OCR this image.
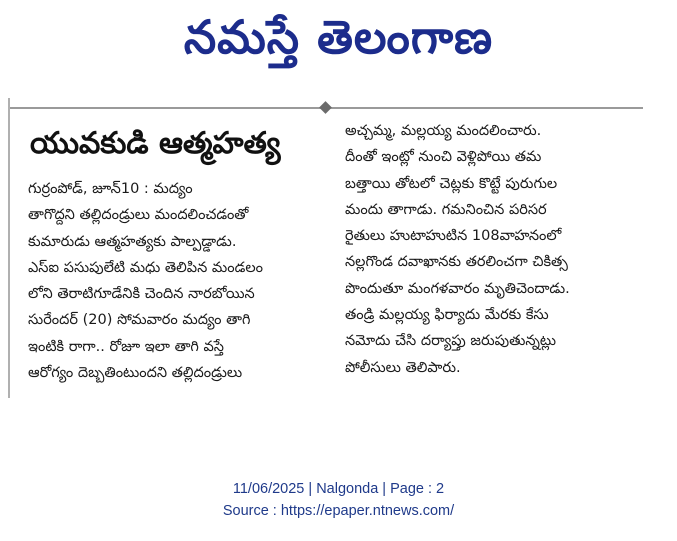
నమస్తే తెలంగాణ
యువకుడి ఆత్మహత్య
గుర్రంపోడ్, జూన్10 : మద్యం
తాగొద్దని తల్లిదండ్రులు మందలించడంతో
కుమారుడు ఆత్మహత్యకు పాల్పడ్డాడు.
ఎస్ఐ పసుపులేటి మధు తెలిపిన మండలం
లోని తెరాటిగూడేనికి చెందిన నారబోయిన
సురేందర్ (20) సోమవారం మద్యం తాగి
ఇంటికి రాగా.. రోజూ ఇలా తాగి వస్తే
ఆరోగ్యం దెబ్బతింటుందని తల్లిదండ్రులు
అచ్చమ్మ, మల్లయ్య మందలించారు.
దీంతో ఇంట్లో నుంచి వెళ్లిపోయి తమ
బత్తాయి తోటలో చెట్లకు కొట్టే పురుగుల
మందు తాగాడు. గమనించిన పరిసర
రైతులు హుటాహుటిన 108వాహనంలో
నల్లగొండ దవాఖానకు తరలించగా చికిత్స
పొందుతూ మంగళవారం మృతిచెందాడు.
తండ్రి మల్లయ్య ఫిర్యాదు మేరకు కేసు
నమోదు చేసి దర్యాప్తు జరుపుతున్నట్లు
పోలీసులు తెలిపారు.
11/06/2025 | Nalgonda | Page : 2
Source : https://epaper.ntnews.com/
